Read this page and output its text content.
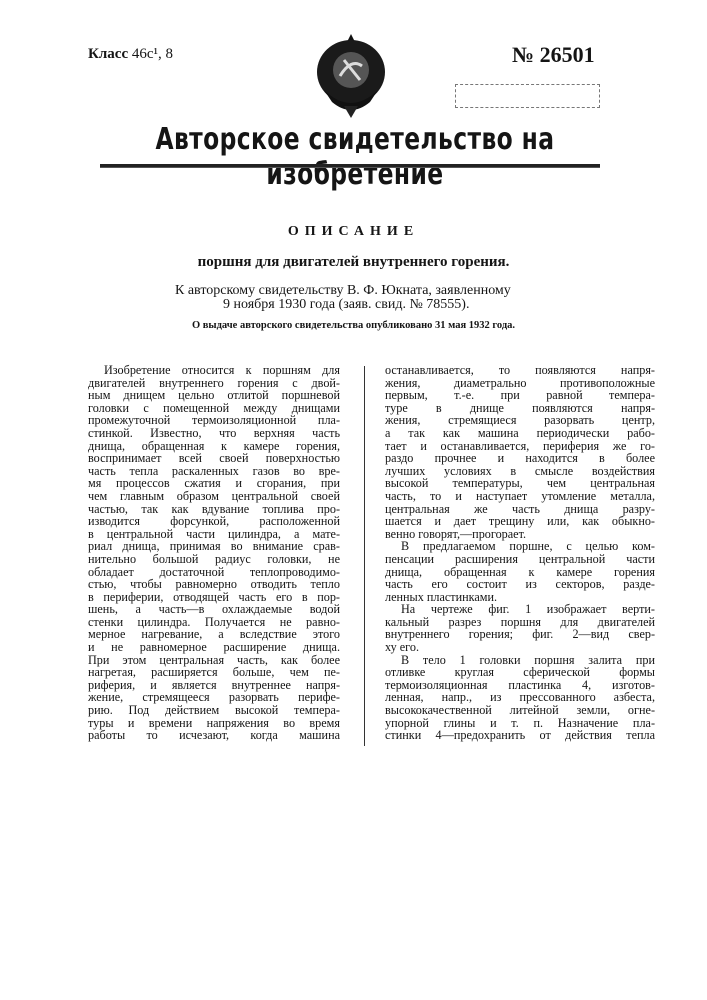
Класс 46с¹, 8	№ 26501
Авторское свидетельство на изобретение
ОПИСАНИЕ
поршня для двигателей внутреннего горения.
К авторскому свидетельству В. Ф. Юкната, заявленному
9 ноября 1930 года (заяв. свид. № 78555).
О выдаче авторского свидетельства опубликовано 31 мая 1932 года.
Изобретение относится к поршням для
двигателей внутреннего горения с двой-
ным днищем цельно отлитой поршневой
головки с помещенной между днищами
промежуточной термоизоляционной пла-
стинкой. Известно, что верхняя часть
днища, обращенная к камере горения,
воспринимает всей своей поверхностью
часть тепла раскаленных газов во вре-
мя процессов сжатия и сгорания, при
чем главным образом центральной своей
частью, так как вдувание топлива про-
изводится форсункой, расположенной
в центральной части цилиндра, а мате-
риал днища, принимая во внимание срав-
нительно большой радиус головки, не
обладает достаточной теплопроводимо-
стью, чтобы равномерно отводить тепло
в периферии, отводящей часть его в пор-
шень, а часть—в охлаждаемые водой
стенки цилиндра. Получается не равно-
мерное нагревание, а вследствие этого
и не равномерное расширение днища.
При этом центральная часть, как более
нагретая, расширяется больше, чем пе-
риферия, и является внутреннее напря-
жение, стремящееся разорвать перифе-
рию. Под действием высокой темпера-
туры и времени напряжения во время
работы то исчезают, когда машина
останавливается, то появляются напря-
жения, диаметрально противоположные
первым, т.-е. при равной темпера-
туре в днище появляются напря-
жения, стремящиеся разорвать центр,
а так как машина периодически рабо-
тает и останавливается, периферия же го-
раздо прочнее и находится в более
лучших условиях в смысле воздействия
высокой температуры, чем центральная
часть, то и наступает утомление металла,
центральная же часть днища разру-
шается и дает трещину или, как обыкно-
венно говорят,—прогорает.
В предлагаемом поршне, с целью ком-
пенсации расширения центральной части
днища, обращенная к камере горения
часть его состоит из секторов, разде-
ленных пластинками.
На чертеже фиг. 1 изображает верти-
кальный разрез поршня для двигателей
внутреннего горения; фиг. 2—вид свер-
ху его.
В тело 1 головки поршня залита при
отливке круглая сферической формы
термоизоляционная пластинка 4, изготов-
ленная, напр., из прессованного азбеста,
высококачественной литейной земли, огне-
упорной глины и т. п. Назначение пла-
стинки 4—предохранить от действия тепла
